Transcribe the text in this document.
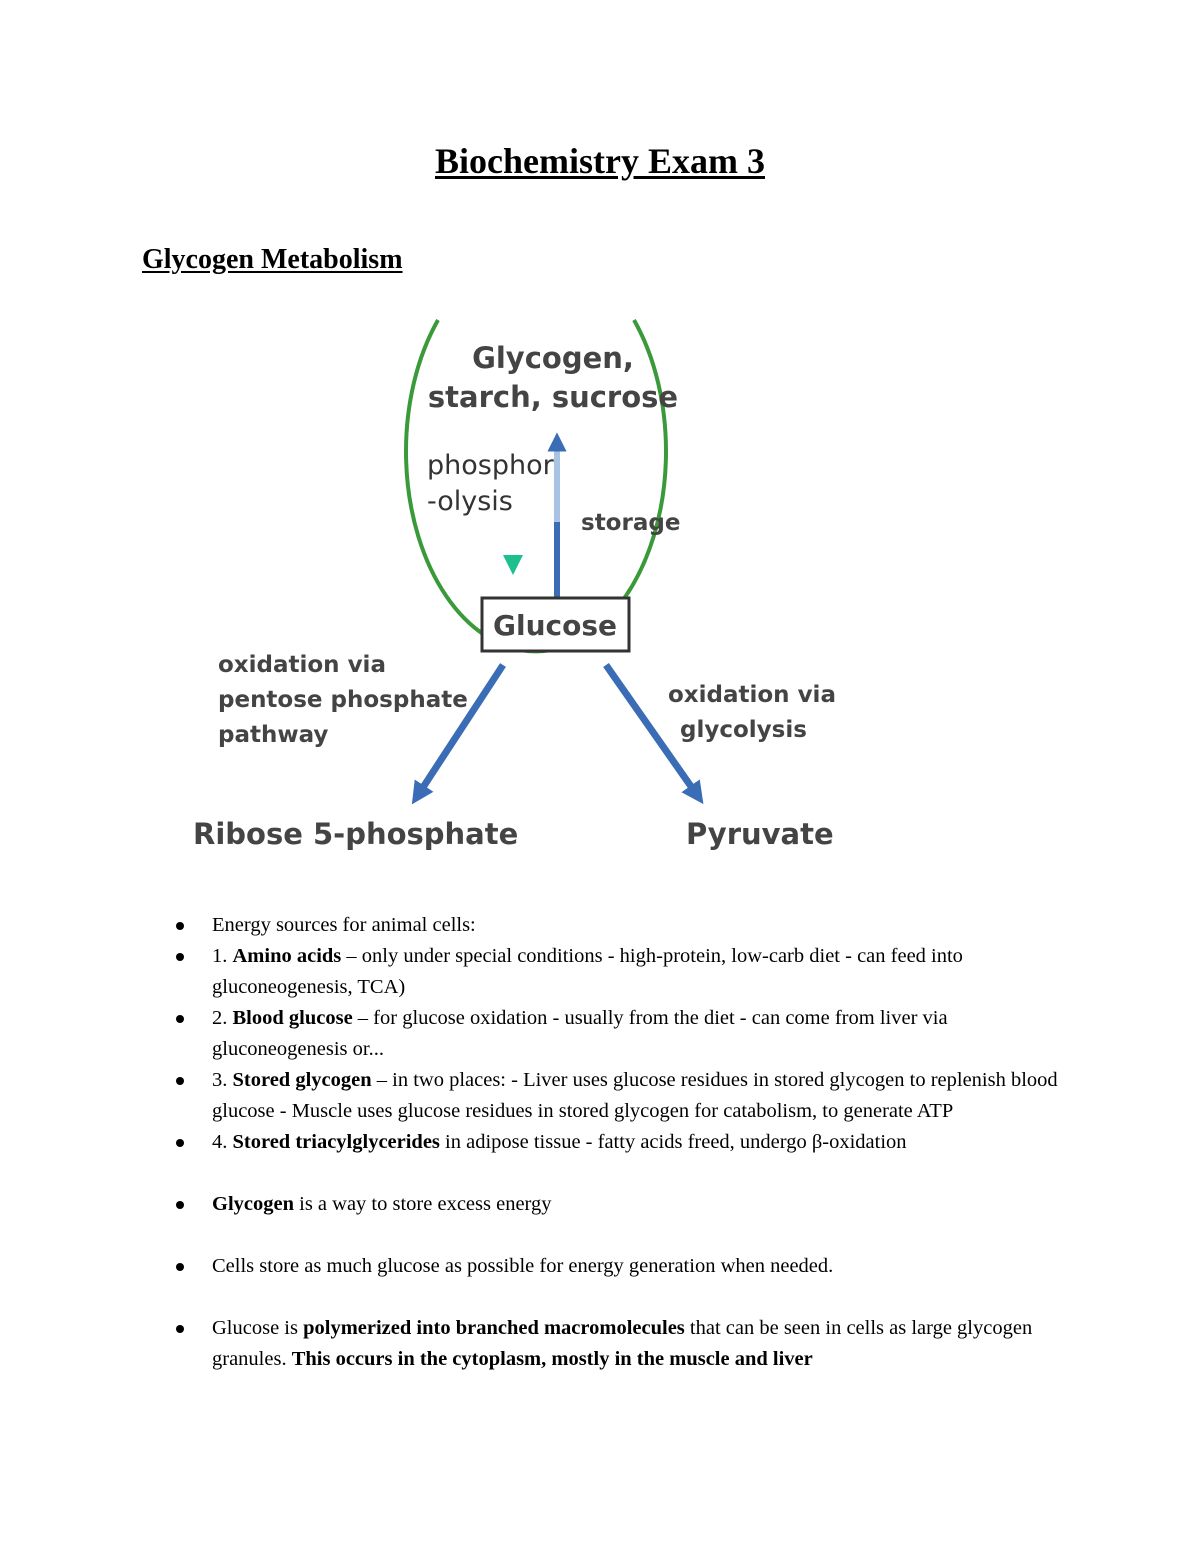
Biochemistry Exam 3
Glycogen Metabolism
Glycogen,
starch, sucrose
phosphor
-olysis
storage
Glucose
oxidation via
pentose phosphate
pathway
oxidation via
glycolysis
Ribose 5-phosphate	Pyruvate
Energy sources for animal cells:
1. Amino acids – only under special conditions - high-protein, low-carb diet - can feed into gluconeogenesis, TCA)
2. Blood glucose – for glucose oxidation - usually from the diet - can come from liver via gluconeogenesis or...
3. Stored glycogen – in two places: - Liver uses glucose residues in stored glycogen to replenish blood glucose - Muscle uses glucose residues in stored glycogen for catabolism, to generate ATP
4. Stored triacylglycerides in adipose tissue - fatty acids freed, undergo β-oxidation
Glycogen is a way to store excess energy
Cells store as much glucose as possible for energy generation when needed.
Glucose is polymerized into branched macromolecules that can be seen in cells as large glycogen granules. This occurs in the cytoplasm, mostly in the muscle and liver
